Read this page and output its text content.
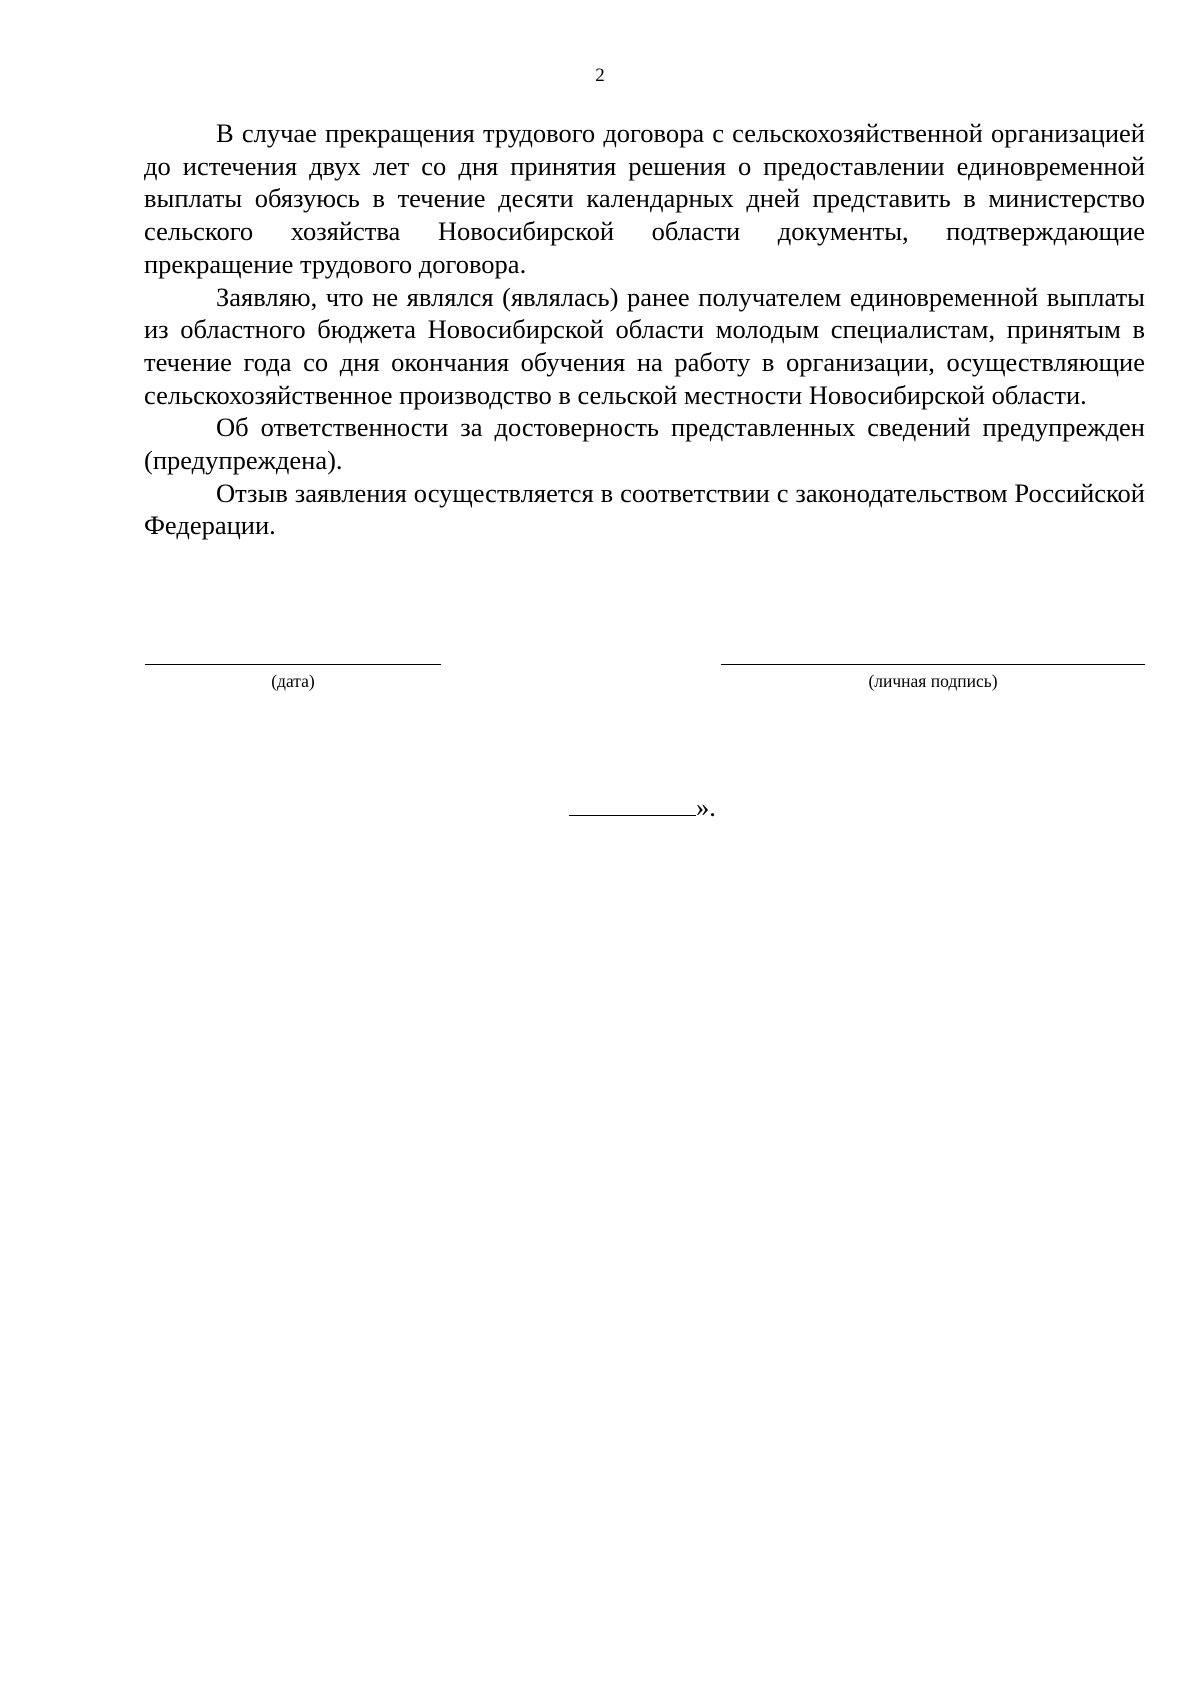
2

В случае прекращения трудового договора с сельскохозяйственной организацией до истечения двух лет со дня принятия решения о предоставлении единовременной выплаты обязуюсь в течение десяти календарных дней представить в министерство сельского хозяйства Новосибирской области документы, подтверждающие прекращение трудового договора.

Заявляю, что не являлся (являлась) ранее получателем единовременной выплаты из областного бюджета Новосибирской области молодым специалистам, принятым в течение года со дня окончания обучения на работу в организации, осуществляющие сельскохозяйственное производство в сельской местности Новосибирской области.

Об ответственности за достоверность представленных сведений предупрежден (предупреждена).

Отзыв заявления осуществляется в соответствии с законодательством Российской Федерации.

(дата)	(личная подпись)
».
